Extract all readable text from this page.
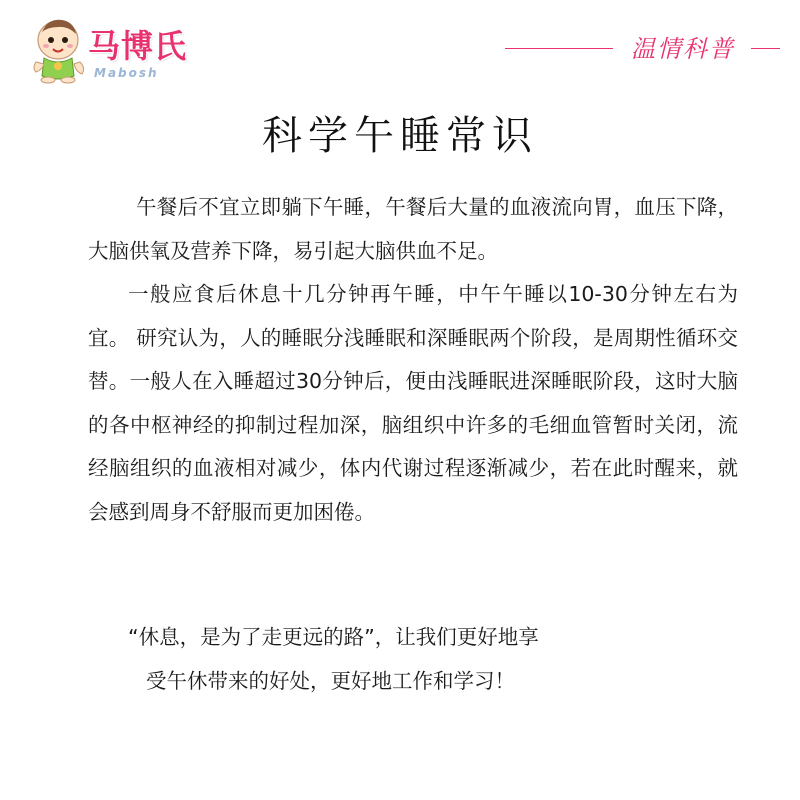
马博氏
Mabosh
温情科普
科学午睡常识

午餐后不宜立即躺下午睡，午餐后大量的血液流向胃，血压下降，大脑供氧及营养下降，易引起大脑供血不足。

一般应食后休息十几分钟再午睡，中午午睡以10-30分钟左右为宜。 研究认为，人的睡眠分浅睡眠和深睡眠两个阶段，是周期性循环交替。一般人在入睡超过30分钟后，便由浅睡眠进深睡眠阶段，这时大脑的各中枢神经的抑制过程加深，脑组织中许多的毛细血管暂时关闭，流经脑组织的血液相对减少，体内代谢过程逐渐减少，若在此时醒来，就会感到周身不舒服而更加困倦。

“休息，是为了走更远的路”，让我们更好地享
受午休带来的好处，更好地工作和学习！
